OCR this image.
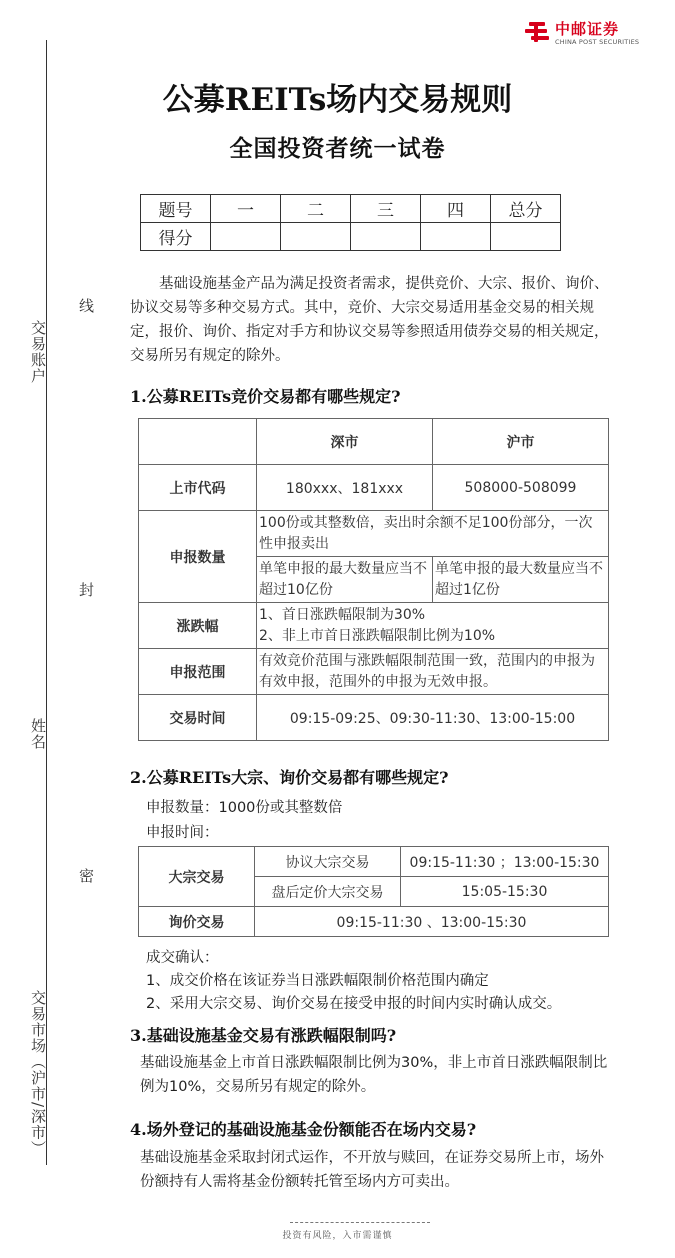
中邮证券
CHINA POST SECURITIES
交易账户
姓名
交易市场（沪市/深市）
线
封
密
公募REITs场内交易规则
全国投资者统一试卷
题号	一	二	三	四	总分
得分					
基础设施基金产品为满足投资者需求，提供竞价、大宗、报价、询价、协议交易等多种交易方式。其中，竞价、大宗交易适用基金交易的相关规定，报价、询价、指定对手方和协议交易等参照适用债券交易的相关规定，交易所另有规定的除外。
1.公募REITs竞价交易都有哪些规定?
	深市	沪市
上市代码	180xxx、181xxx	508000-508099
申报数量	100份或其整数倍，卖出时余额不足100份部分，一次性申报卖出	
	单笔申报的最大数量应当不超过10亿份	单笔申报的最大数量应当不超过1亿份
涨跌幅	1、首日涨跌幅限制为30%
2、非上市首日涨跌幅限制比例为10%	

申报范围	有效竞价范围与涨跌幅限制范围一致，范围内的申报为有效申报，范围外的申报为无效申报。	
交易时间	09:15-09:25、09:30-11:30、13:00-15:00	
2.公募REITs大宗、询价交易都有哪些规定?
申报数量：1000份或其整数倍
申报时间：
大宗交易	协议大宗交易	09:15-11:30 ；13:00-15:30
	盘后定价大宗交易	15:05-15:30
询价交易	09:15-11:30 、13:00-15:30	
成交确认：
1、成交价格在该证券当日涨跌幅限制价格范围内确定
2、采用大宗交易、询价交易在接受申报的时间内实时确认成交。
3.基础设施基金交易有涨跌幅限制吗?
基础设施基金上市首日涨跌幅限制比例为30%，非上市首日涨跌幅限制比例为10%，交易所另有规定的除外。
4.场外登记的基础设施基金份额能否在场内交易?
基础设施基金采取封闭式运作，不开放与赎回，在证券交易所上市，场外份额持有人需将基金份额转托管至场内方可卖出。
投资有风险，入市需谨慎
